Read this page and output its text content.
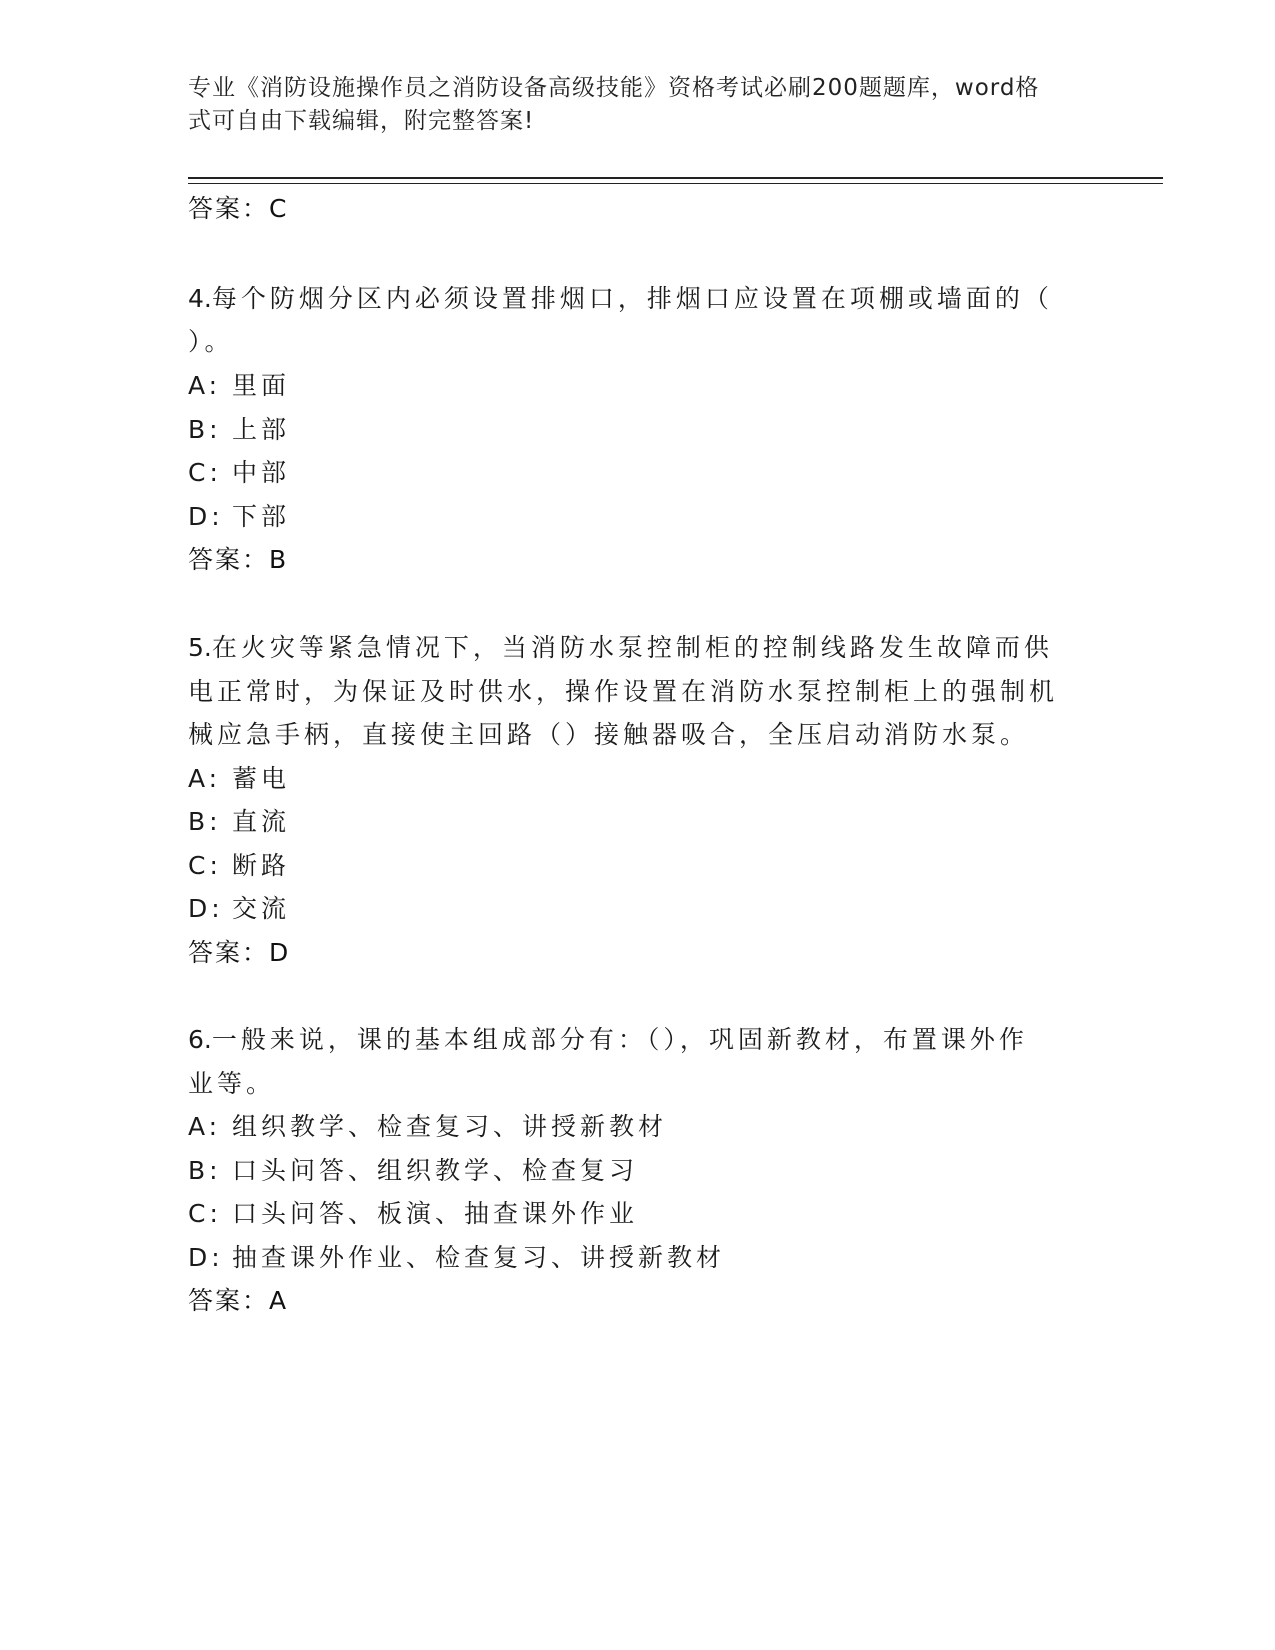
专业《消防设施操作员之消防设备高级技能》资格考试必刷200题题库，word格
式可自由下载编辑，附完整答案!
答案：C
4.每个防烟分区内必须设置排烟口，排烟口应设置在项棚或墙面的（
）。
A: 里面
B: 上部
C: 中部
D: 下部
答案：B
5.在火灾等紧急情况下，当消防水泵控制柜的控制线路发生故障而供
电正常时，为保证及时供水，操作设置在消防水泵控制柜上的强制机
械应急手柄，直接使主回路（）接触器吸合，全压启动消防水泵。
A: 蓄电
B: 直流
C: 断路
D: 交流
答案：D
6.一般来说，课的基本组成部分有：（），巩固新教材，布置课外作
业等。
A: 组织教学、检查复习、讲授新教材
B: 口头问答、组织教学、检查复习
C: 口头问答、板演、抽查课外作业
D: 抽查课外作业、检查复习、讲授新教材
答案：A
